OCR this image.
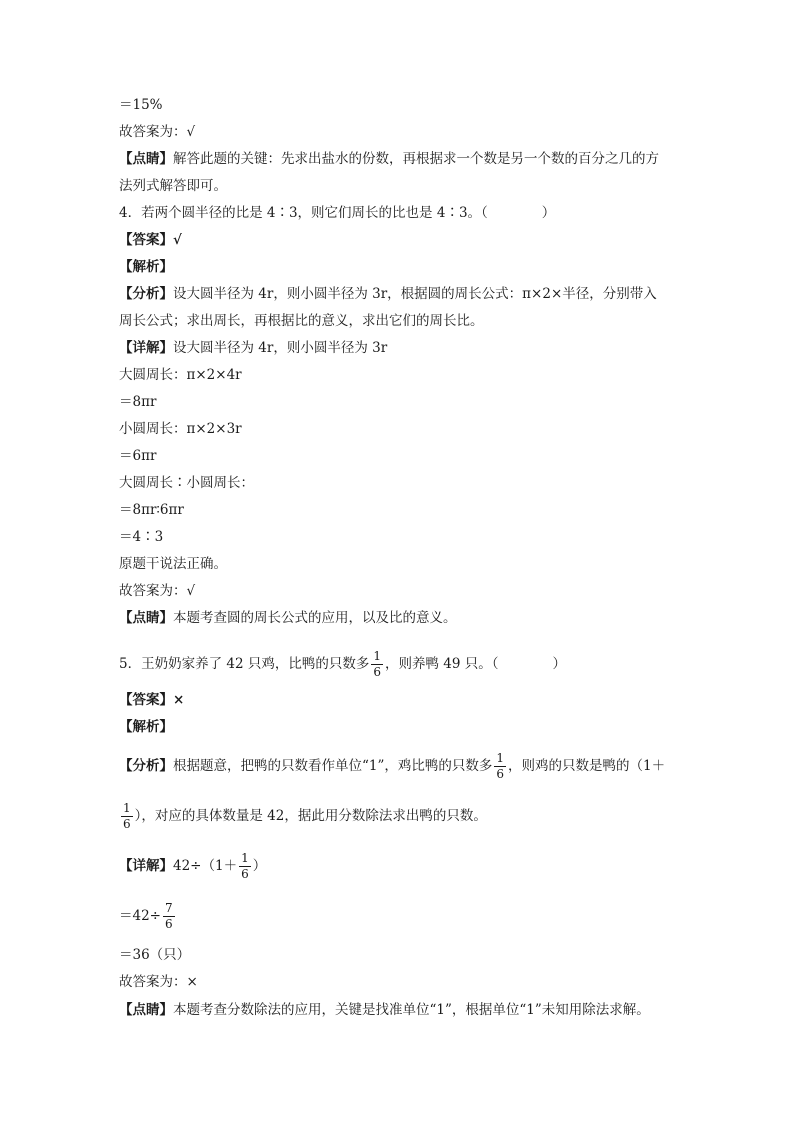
＝15%
故答案为：√
【点睛】解答此题的关键：先求出盐水的份数，再根据求一个数是另一个数的百分之几的方
法列式解答即可。
4．若两个圆半径的比是 4∶3，则它们周长的比也是 4∶3。（　　　　）
【答案】√
【解析】
【分析】设大圆半径为 4r，则小圆半径为 3r，根据圆的周长公式：π×2×半径，分别带入
周长公式；求出周长，再根据比的意义，求出它们的周长比。
【详解】设大圆半径为 4r，则小圆半径为 3r
大圆周长：π×2×4r
＝8πr
小圆周长：π×2×3r
＝6πr
大圆周长∶小圆周长：
＝8πr∶6πr
＝4∶3
原题干说法正确。
故答案为：√
【点睛】本题考查圆的周长公式的应用，以及比的意义。
5．王奶奶家养了 42 只鸡，比鸭的只数多 $\frac{1}{6}$ ，则养鸭 49 只。（　　　　）
【答案】×
【解析】
【分析】根据题意，把鸭的只数看作单位“1”，鸡比鸭的只数多 $\frac{1}{6}$ ，则鸡的只数是鸭的（1＋
$\frac{1}{6}$ ），对应的具体数量是 42，据此用分数除法求出鸭的只数。
【详解】$42\div(1+ \frac{1}{6}$ ）
$=42\div \frac{7}{6}$
＝36（只）
故答案为：×
【点睛】本题考查分数除法的应用，关键是找准单位“1”，根据单位“1”未知用除法求解。
